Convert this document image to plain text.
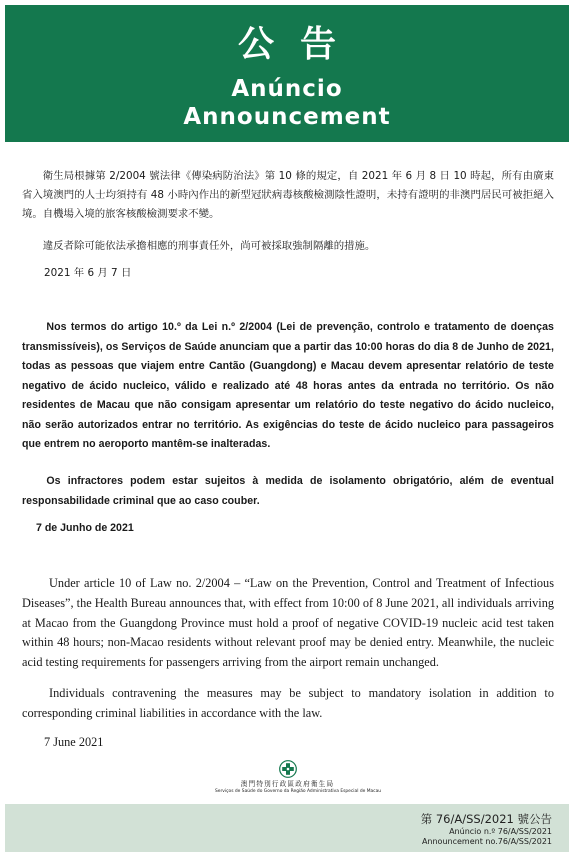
公告
Anúncio
Announcement

衛生局根據第 2/2004 號法律《傳染病防治法》第 10 條的規定，自 2021 年 6 月 8 日 10 時起，所有由廣東省入境澳門的人士均須持有 48 小時內作出的新型冠狀病毒核酸檢測陰性證明，未持有證明的非澳門居民可被拒絕入境。自機場入境的旅客核酸檢測要求不變。

違反者除可能依法承擔相應的刑事責任外，尚可被採取強制隔離的措施。

2021 年 6 月 7 日

Nos termos do artigo 10.º da Lei n.º 2/2004 (Lei de prevenção, controlo e tratamento de doenças transmissíveis), os Serviços de Saúde anunciam que a partir das 10:00 horas do dia 8 de Junho de 2021, todas as pessoas que viajem entre Cantão (Guangdong) e Macau devem apresentar relatório de teste negativo de ácido nucleico, válido e realizado até 48 horas antes da entrada no território. Os não residentes de Macau que não consigam apresentar um relatório do teste negativo do ácido nucleico, não serão autorizados entrar no território. As exigências do teste de ácido nucleico para passageiros que entrem no aeroporto mantêm-se inalteradas.

Os infractores podem estar sujeitos à medida de isolamento obrigatório, além de eventual responsabilidade criminal que ao caso couber.

7 de Junho de 2021

Under article 10 of Law no. 2/2004 – “Law on the Prevention, Control and Treatment of Infectious Diseases”, the Health Bureau announces that, with effect from 10:00 of 8 June 2021, all individuals arriving at Macao from the Guangdong Province must hold a proof of negative COVID-19 nucleic acid test taken within 48 hours; non-Macao residents without relevant proof may be denied entry. Meanwhile, the nucleic acid testing requirements for passengers arriving from the airport remain unchanged.

Individuals contravening the measures may be subject to mandatory isolation in addition to corresponding criminal liabilities in accordance with the law.

7 June 2021

澳門特別行政區政府衛生局
Serviços de Saúde do Governo da Região Administrativa Especial de Macau
第 76/A/SS/2021 號公告
Anúncio n.º 76/A/SS/2021
Announcement no.76/A/SS/2021
